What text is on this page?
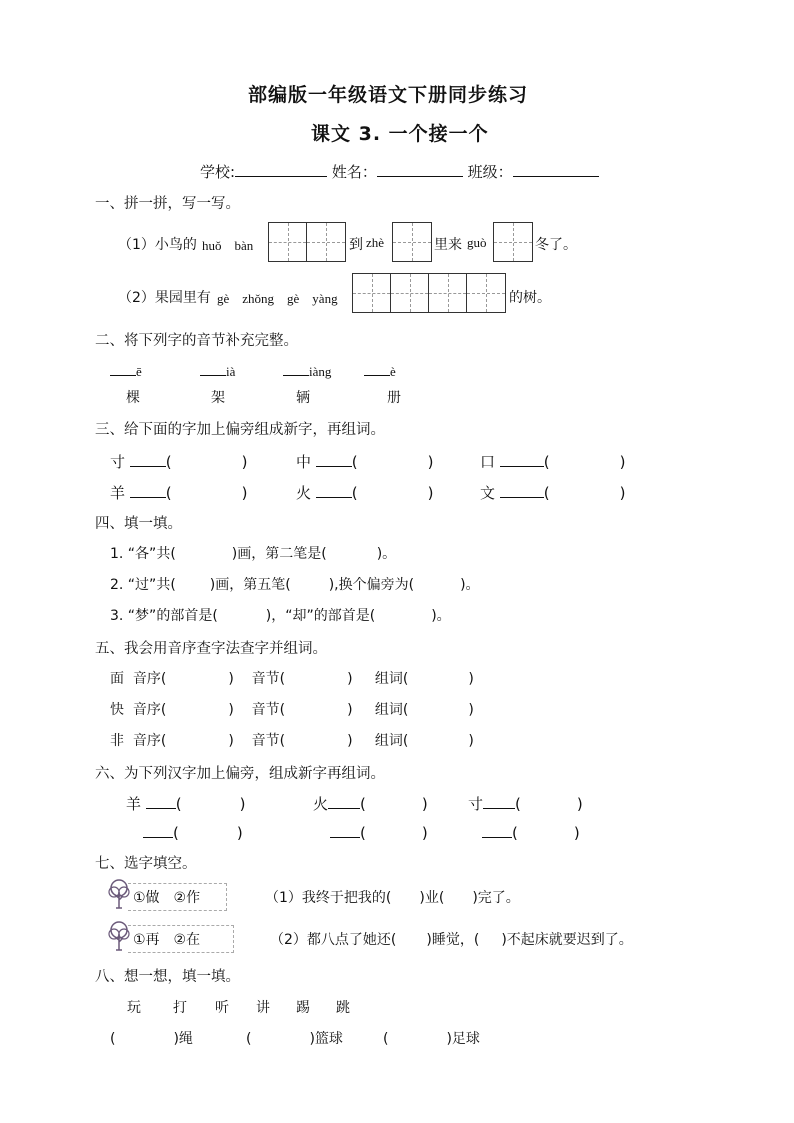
部编版一年级语文下册同步练习
课文 3. 一个接一个
学校:	姓名：	班级：
一、拼一拼，写一写。
（1）小鸟的 huǒ　bàn	到 zhè	里来 guò	冬了。
（2）果园里有 gè　zhǒng　gè　yàng	的树。
二、将下列字的音节补充完整。
ē	ià	iàng	è
棵	架	辆	册
三、给下面的字加上偏旁组成新字，再组词。
寸	(	)	中	(	)	口	(	)
羊	(	)	火	(	)	文	(	)
四、填一填。
1. “各”共(	)画，第二笔是(	)。
2. “过”共( )画，第五笔(	),换个偏旁为(	)。
3. “梦”的部首是(	)，“却”的部首是(	)。
五、我会用音序查字法查字并组词。
面 音序(	) 音节(	) 组词(	)
快 音序(	) 音节(	) 组词(	)
非 音序(	) 音节(	) 组词(	)
六、为下列汉字加上偏旁，组成新字再组词。
羊 (	)	火 (	)	寸 (	)
(	)	(	)	(	)
七、选字填空。
①做　②作	（1）我终于把我的( )业( )完了。
①再　②在	（2）都八点了她还( )睡觉，( )不起床就要迟到了。
八、想一想，填一填。
玩 打 听 讲 踢 跳
(	)绳	(	)篮球	(	)足球
